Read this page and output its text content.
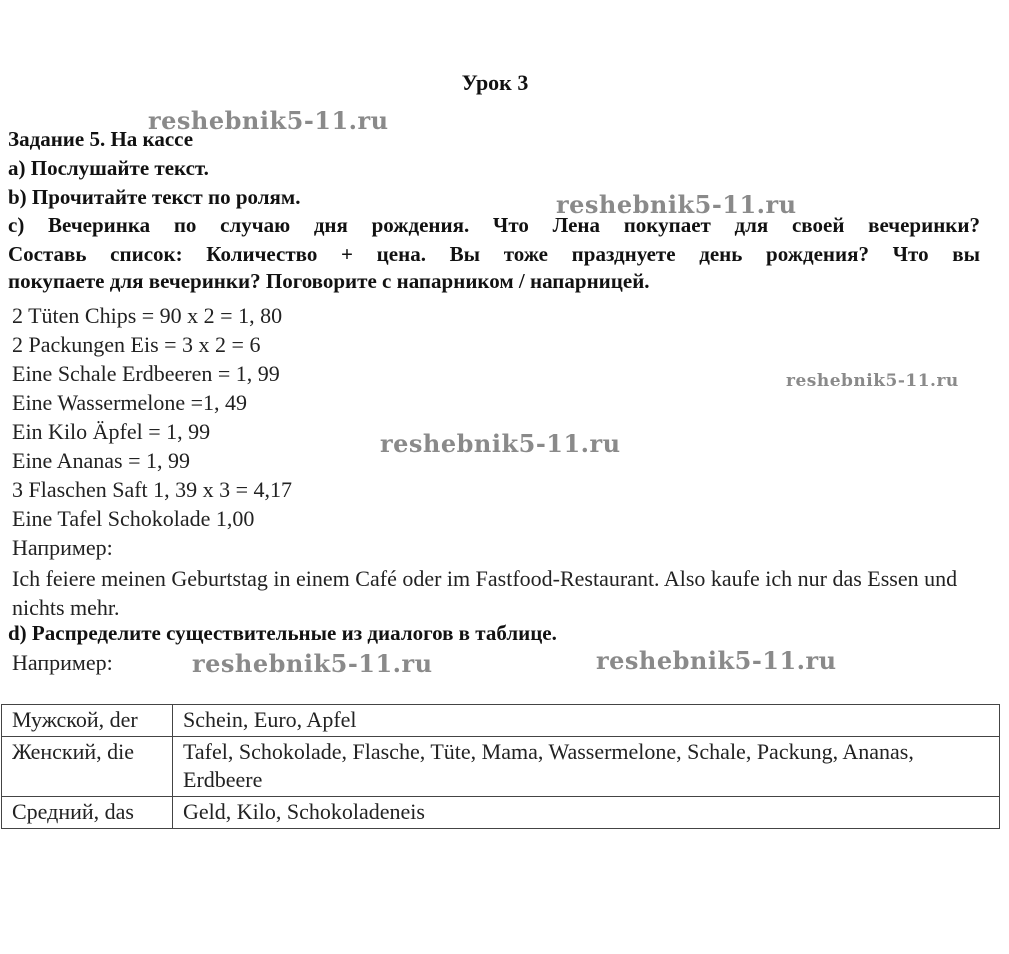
Урок 3
reshebnik5-11.ru
Задание 5. На кассе
a) Послушайте текст.
b) Прочитайте текст по ролям.	reshebnik5-11.ru
c) Вечеринка по случаю дня рождения. Что Лена покупает для своей вечеринки?
Составь список: Количество + цена. Вы тоже празднуете день рождения? Что вы
покупаете для вечеринки? Поговорите с напарником / напарницей.
2 Tüten Chips = 90 x 2 = 1, 80
2 Packungen Eis = 3 x 2 = 6
Eine Schale Erdbeeren = 1, 99	reshebnik5-11.ru
Eine Wassermelone =1, 49
Ein Kilo Äpfel = 1, 99	reshebnik5-11.ru
Eine Ananas = 1, 99
3 Flaschen Saft 1, 39 x 3 = 4,17
Eine Tafel Schokolade 1,00
Например:
Ich feiere meinen Geburtstag in einem Café oder im Fastfood-Restaurant. Also kaufe ich nur das Essen und nichts mehr.
d) Распределите существительные из диалогов в таблице.
Например:	reshebnik5-11.ru	reshebnik5-11.ru
Мужской, der	Schein, Euro, Apfel
Женский, die	Tafel, Schokolade, Flasche, Tüte, Mama, Wassermelone, Schale, Packung, Ananas, Erdbeere
Средний, das	Geld, Kilo, Schokoladeneis
